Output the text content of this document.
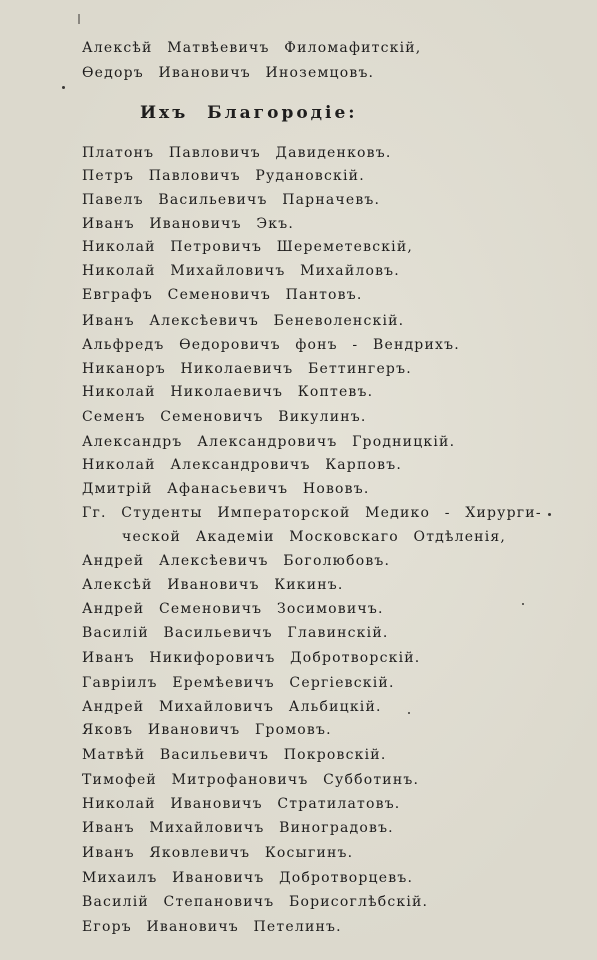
Алексѣй Матвѣевичъ Филомафитскій,
Ѳедоръ Ивановичъ Иноземцовъ.
Ихъ Благородіе:
Платонъ Павловичъ Давиденковъ.
Петръ Павловичъ Рудановскій.
Павелъ Васильевичъ Парначевъ.
Иванъ Ивановичъ Экъ.
Николай Петровичъ Шереметевскій,
Николай Михайловичъ Михайловъ.
Евграфъ Семеновичъ Пантовъ.
Иванъ Алексѣевичъ Беневоленскій.
Альфредъ Ѳедоровичъ фонъ - Вендрихъ.
Никаноръ Николаевичъ Беттингеръ.
Николай Николаевичъ Коптевъ.
Семенъ Семеновичъ Викулинъ.
Александръ Александровичъ Гродницкій.
Николай Александровичъ Карповъ.
Дмитрій Афанасьевичъ Нововъ.
Гг. Студенты Императорской Медико - Хирурги-
ческой Академіи Московскаго Отдѣленія,
Андрей Алексѣевичъ Боголюбовъ.
Алексѣй Ивановичъ Кикинъ.
Андрей Семеновичъ Зосимовичъ.
Василій Васильевичъ Главинскій.
Иванъ Никифоровичъ Добротворскій.
Гавріилъ Еремѣевичъ Сергіевскій.
Андрей Михайловичъ Альбицкій.
Яковъ Ивановичъ Громовъ.
Матвѣй Васильевичъ Покровскій.
Тимофей Митрофановичъ Субботинъ.
Николай Ивановичъ Стратилатовъ.
Иванъ Михайловичъ Виноградовъ.
Иванъ Яковлевичъ Косыгинъ.
Михаилъ Ивановичъ Добротворцевъ.
Василій Степановичъ Борисоглѣбскій.
Егоръ Ивановичъ Петелинъ.
